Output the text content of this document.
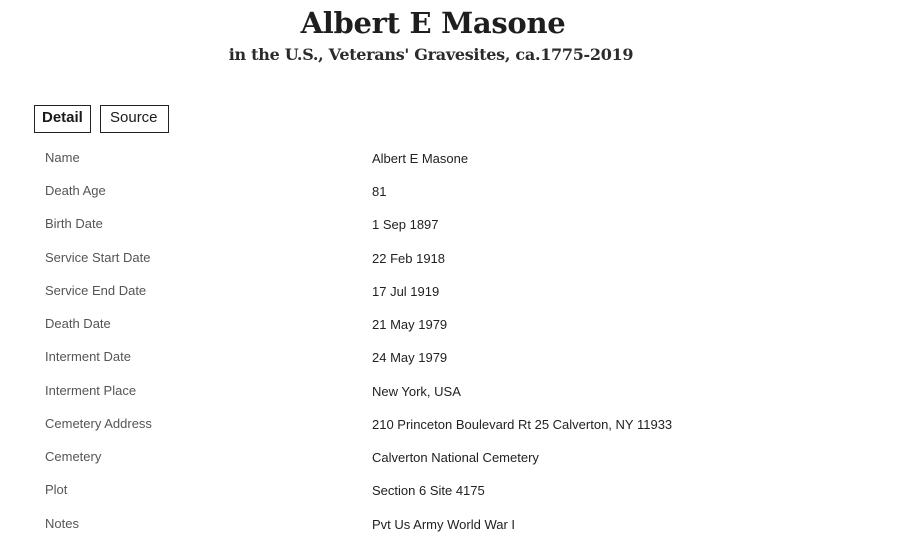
Albert E Masone
in the U.S., Veterans' Gravesites, ca.1775-2019
Detail	Source
Name	Albert E Masone
Death Age	81
Birth Date	1 Sep 1897
Service Start Date	22 Feb 1918
Service End Date	17 Jul 1919
Death Date	21 May 1979
Interment Date	24 May 1979
Interment Place	New York, USA
Cemetery Address	210 Princeton Boulevard Rt 25 Calverton, NY 11933
Cemetery	Calverton National Cemetery
Plot	Section 6 Site 4175
Notes	Pvt Us Army World War I
